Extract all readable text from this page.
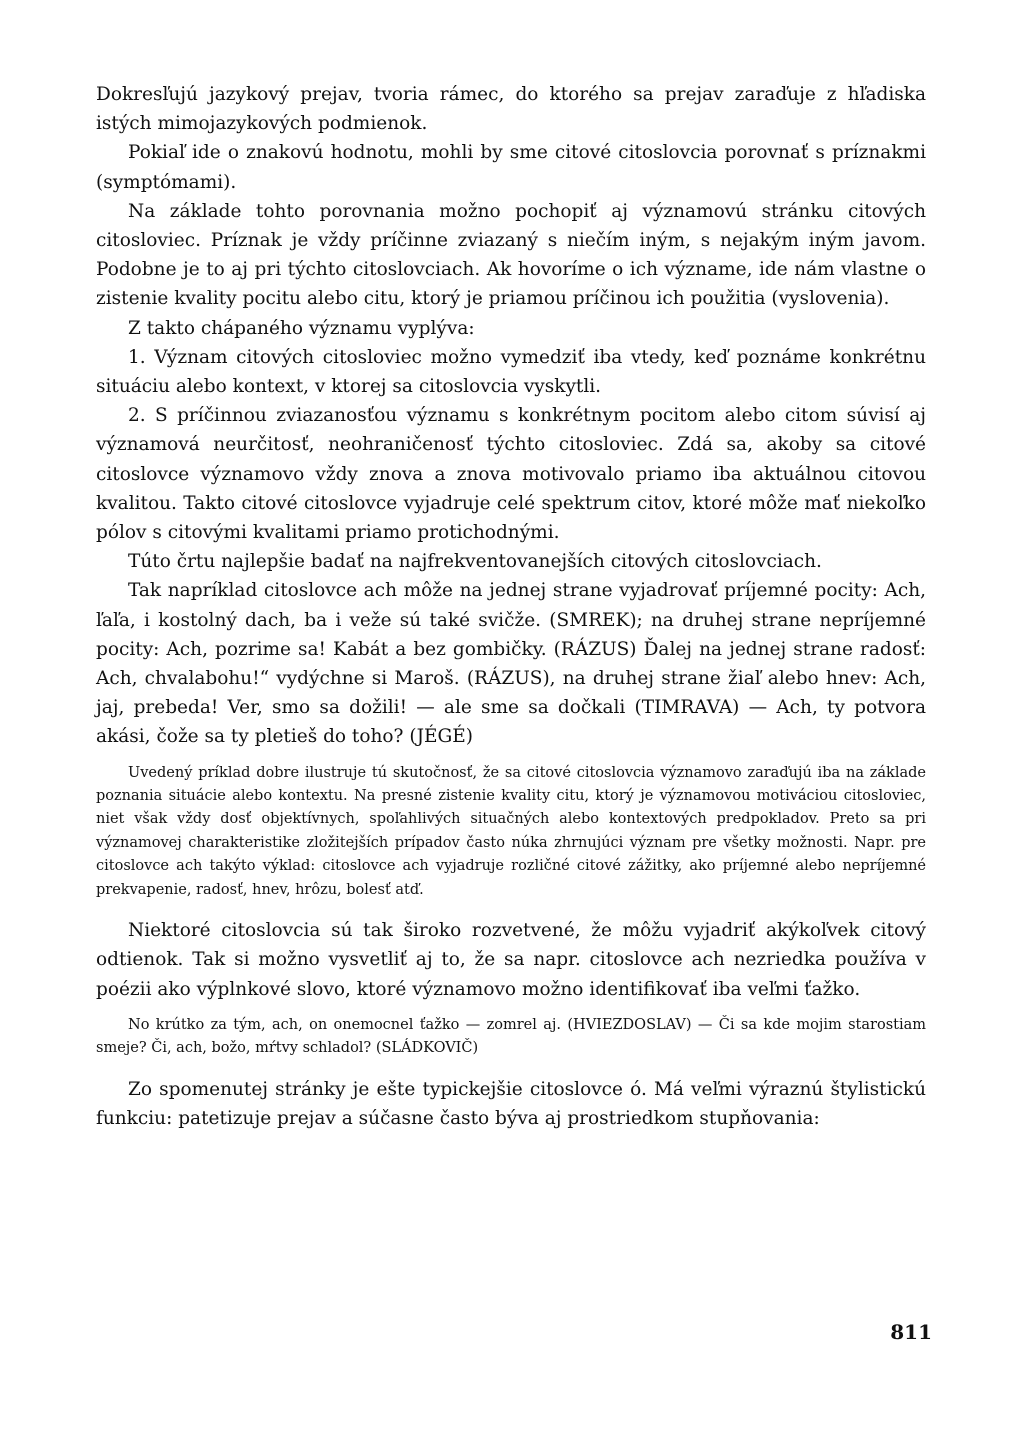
Dokresľujú jazykový prejav, tvoria rámec, do ktorého sa prejav zaraďuje z hľadiska istých mimojazykových podmienok.

Pokiaľ ide o znakovú hodnotu, mohli by sme citové citoslovcia porovnať s príznakmi (symptómami).

Na základe tohto porovnania možno pochopiť aj významovú stránku citových citosloviec. Príznak je vždy príčinne zviazaný s niečím iným, s nejakým iným javom. Podobne je to aj pri týchto citoslovciach. Ak hovoríme o ich význame, ide nám vlastne o zistenie kvality pocitu alebo citu, ktorý je priamou príčinou ich použitia (vyslovenia).

Z takto chápaného významu vyplýva:

1. Význam citových citosloviec možno vymedziť iba vtedy, keď poznáme konkrétnu situáciu alebo kontext, v ktorej sa citoslovcia vyskytli.

2. S príčinnou zviazanosťou významu s konkrétnym pocitom alebo citom súvisí aj významová neurčitosť, neohraničenosť týchto citosloviec. Zdá sa, akoby sa citové citoslovce významovo vždy znova a znova motivovalo priamo iba aktuálnou citovou kvalitou. Takto citové citoslovce vyjadruje celé spektrum citov, ktoré môže mať niekoľko pólov s citovými kvalitami priamo protichodnými.

Túto črtu najlepšie badať na najfrekventovanejších citových citoslovciach.

Tak napríklad citoslovce ach môže na jednej strane vyjadrovať príjemné pocity: Ach, ľaľa, i kostolný dach, ba i veže sú také svičže. (SMREK); na druhej strane nepríjemné pocity: Ach, pozrime sa! Kabát a bez gombičky. (RÁZUS) Ďalej na jednej strane radosť: Ach, chvalabohu!“ vydýchne si Maroš. (RÁZUS), na druhej strane žiaľ alebo hnev: Ach, jaj, prebeda! Ver, smo sa dožili! — ale sme sa dočkali (TIMRAVA) — Ach, ty potvora akási, čože sa ty pletieš do toho? (JÉGÉ)

Uvedený príklad dobre ilustruje tú skutočnosť, že sa citové citoslovcia významovo zaraďujú iba na základe poznania situácie alebo kontextu. Na presné zistenie kvality citu, ktorý je významovou motiváciou citosloviec, niet však vždy dosť objektívnych, spoľahlivých situačných alebo kontextových predpokladov. Preto sa pri významovej charakteristike zložitejších prípadov často núka zhrnujúci význam pre všetky možnosti. Napr. pre citoslovce ach takýto výklad: citoslovce ach vyjadruje rozličné citové zážitky, ako príjemné alebo nepríjemné prekvapenie, radosť, hnev, hrôzu, bolesť atď.

Niektoré citoslovcia sú tak široko rozvetvené, že môžu vyjadriť akýkoľvek citový odtienok. Tak si možno vysvetliť aj to, že sa napr. citoslovce ach nezriedka používa v poézii ako výplnkové slovo, ktoré významovo možno identifikovať iba veľmi ťažko.

No krútko za tým, ach, on onemocnel ťažko — zomrel aj. (HVIEZDOSLAV) — Či sa kde mojim starostiam smeje? Či, ach, božo, mŕtvy schladol? (SLÁDKOVIČ)

Zo spomenutej stránky je ešte typickejšie citoslovce ó. Má veľmi výraznú štylistickú funkciu: patetizuje prejav a súčasne často býva aj prostriedkom stupňovania:

811
